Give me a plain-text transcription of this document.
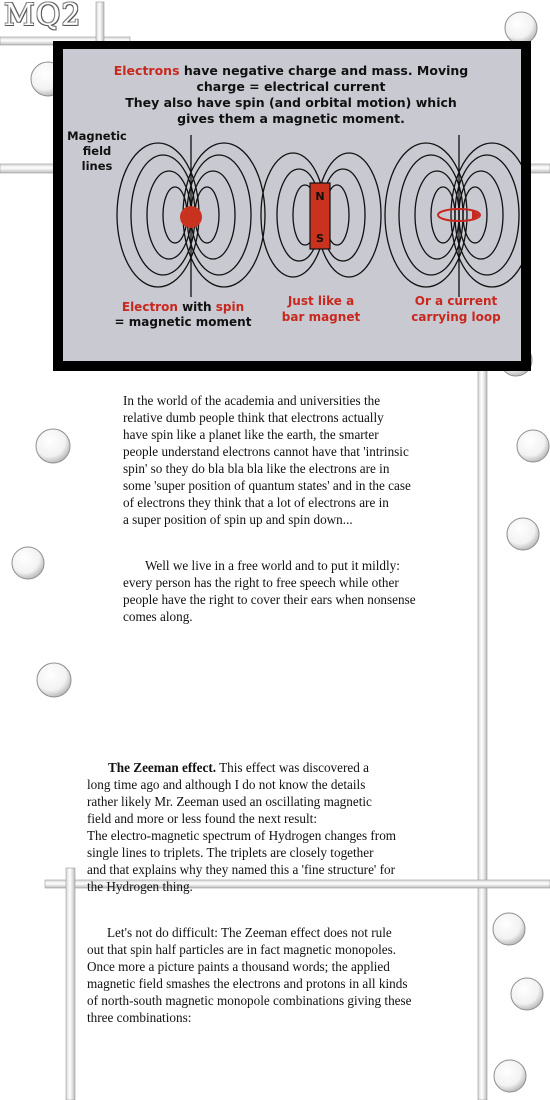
MQ2
Electrons have negative charge and mass. Moving
charge = electrical current
They also have spin (and orbital motion) which
gives them a magnetic moment.
Magnetic
field
lines
N
S
Electron with spin
= magnetic moment
Just like a
bar magnet
Or a current
carrying loop
In the world of the academia and universities the
relative dumb people think that electrons actually
have spin like a planet like the earth, the smarter
people understand electrons cannot have that 'intrinsic
spin' so they do bla bla bla like the electrons are in
some 'super position of quantum states' and in the case
of electrons they think that a lot of electrons are in
a super position of spin up and spin down...
Well we live in a free world and to put it mildly:
every person has the right to free speech while other
people have the right to cover their ears when nonsense
comes along.
The Zeeman effect. This effect was discovered a
long time ago and although I do not know the details
rather likely Mr. Zeeman used an oscillating magnetic
field and more or less found the next result:
The electro-magnetic spectrum of Hydrogen changes from
single lines to triplets. The triplets are closely together
and that explains why they named this a 'fine structure' for
the Hydrogen thing.
Let's not do difficult: The Zeeman effect does not rule
out that spin half particles are in fact magnetic monopoles.
Once more a picture paints a thousand words; the applied
magnetic field smashes the electrons and protons in all kinds
of north-south magnetic monopole combinations giving these
three combinations:
